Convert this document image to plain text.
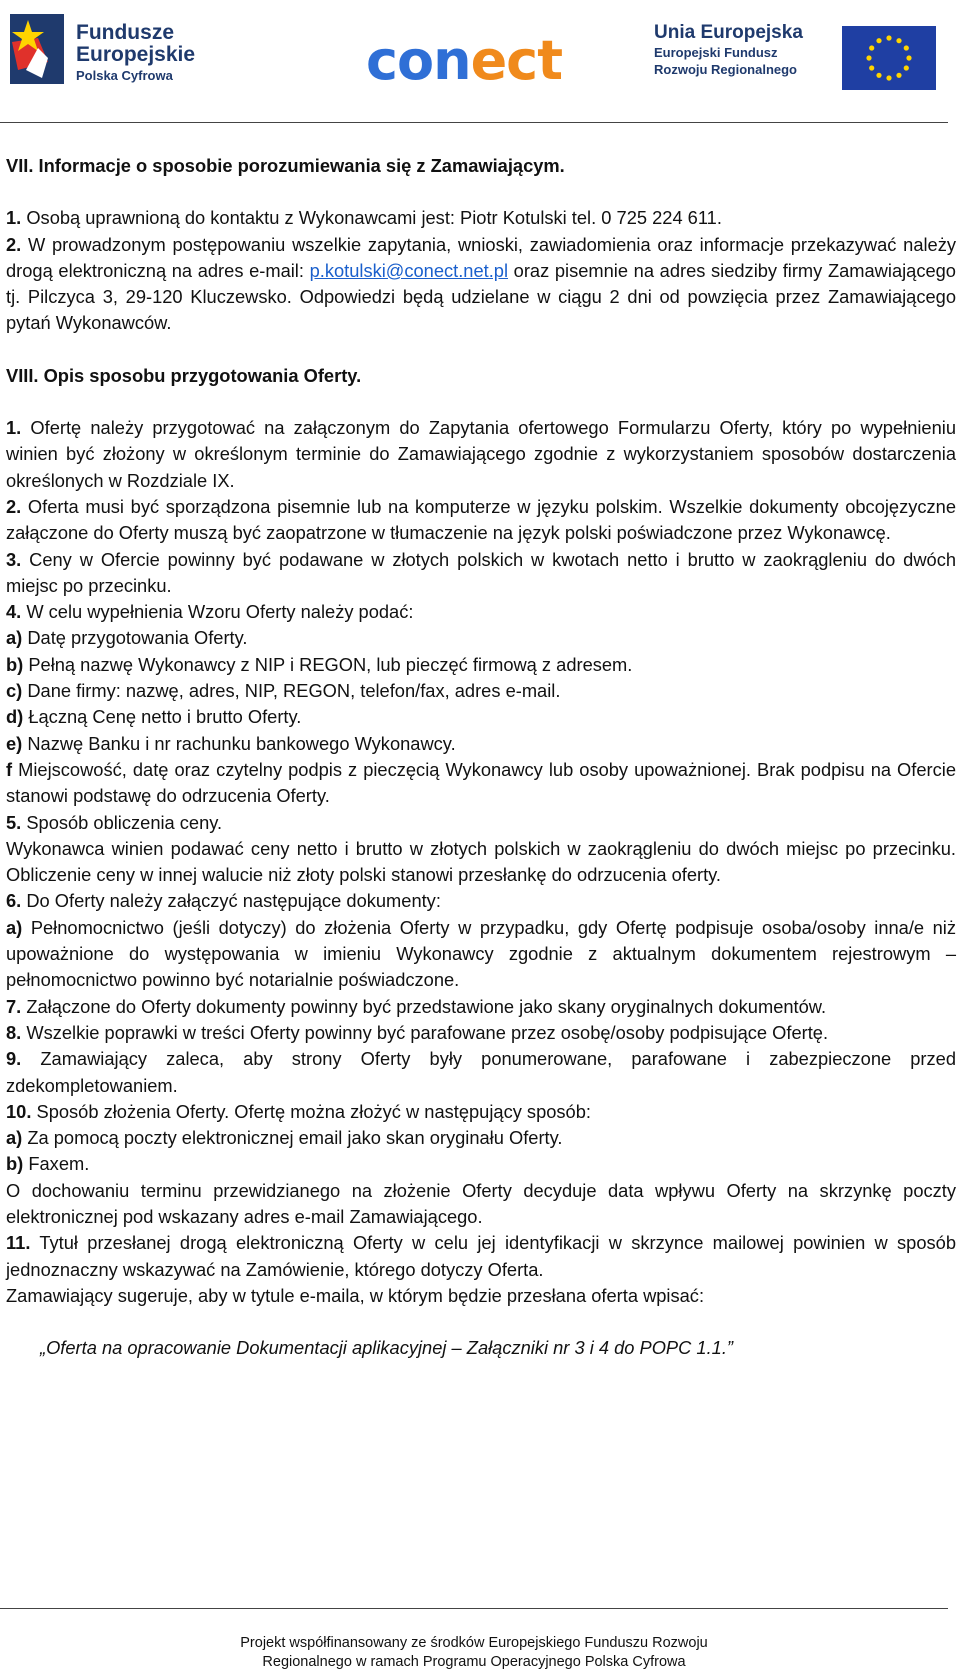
Fundusze
Europejskie
Polska Cyfrowa	conect	Unia Europejska
Europejski Fundusz
Rozwoju Regionalnego

VII. Informacje o sposobie porozumiewania się z Zamawiającym.

1. Osobą uprawnioną do kontaktu z Wykonawcami jest: Piotr Kotulski tel. 0 725 224 611.

2. W prowadzonym postępowaniu wszelkie zapytania, wnioski, zawiadomienia oraz informacje przekazywać należy drogą elektroniczną na adres e-mail: p.kotulski@conect.net.pl oraz pisemnie na adres siedziby firmy Zamawiającego tj. Pilczyca 3, 29-120 Kluczewsko. Odpowiedzi będą udzielane w ciągu 2 dni od powzięcia przez Zamawiającego pytań Wykonawców.

VIII. Opis sposobu przygotowania Oferty.

1. Ofertę należy przygotować na załączonym do Zapytania ofertowego Formularzu Oferty, który po wypełnieniu winien być złożony w określonym terminie do Zamawiającego zgodnie z wykorzystaniem sposobów dostarczenia określonych w Rozdziale IX.

2. Oferta musi być sporządzona pisemnie lub na komputerze w języku polskim. Wszelkie dokumenty obcojęzyczne załączone do Oferty muszą być zaopatrzone w tłumaczenie na język polski poświadczone przez Wykonawcę.

3. Ceny w Ofercie powinny być podawane w złotych polskich w kwotach netto i brutto w zaokrągleniu do dwóch miejsc po przecinku.

4. W celu wypełnienia Wzoru Oferty należy podać:

a) Datę przygotowania Oferty.

b) Pełną nazwę Wykonawcy z NIP i REGON, lub pieczęć firmową z adresem.

c) Dane firmy: nazwę, adres, NIP, REGON, telefon/fax, adres e-mail.

d) Łączną Cenę netto i brutto Oferty.

e) Nazwę Banku i nr rachunku bankowego Wykonawcy.

f Miejscowość, datę oraz czytelny podpis z pieczęcią Wykonawcy lub osoby upoważnionej. Brak podpisu na Ofercie stanowi podstawę do odrzucenia Oferty.

5. Sposób obliczenia ceny.

Wykonawca winien podawać ceny netto i brutto w złotych polskich w zaokrągleniu do dwóch miejsc po przecinku. Obliczenie ceny w innej walucie niż złoty polski stanowi przesłankę do odrzucenia oferty.

6. Do Oferty należy załączyć następujące dokumenty:

a) Pełnomocnictwo (jeśli dotyczy) do złożenia Oferty w przypadku, gdy Ofertę podpisuje osoba/osoby inna/e niż upoważnione do występowania w imieniu Wykonawcy zgodnie z aktualnym dokumentem rejestrowym – pełnomocnictwo powinno być notarialnie poświadczone.

7. Załączone do Oferty dokumenty powinny być przedstawione jako skany oryginalnych dokumentów.

8. Wszelkie poprawki w treści Oferty powinny być parafowane przez osobę/osoby podpisujące Ofertę.

9. Zamawiający zaleca, aby strony Oferty były ponumerowane, parafowane i zabezpieczone przed zdekompletowaniem.

10. Sposób złożenia Oferty. Ofertę można złożyć w następujący sposób:

a) Za pomocą poczty elektronicznej email jako skan oryginału Oferty.

b) Faxem.

O dochowaniu terminu przewidzianego na złożenie Oferty decyduje data wpływu Oferty na skrzynkę poczty elektronicznej pod wskazany adres e-mail Zamawiającego.

11. Tytuł przesłanej drogą elektroniczną Oferty w celu jej identyfikacji w skrzynce mailowej powinien w sposób jednoznaczny wskazywać na Zamówienie, którego dotyczy Oferta.

Zamawiający sugeruje, aby w tytule e-maila, w którym będzie przesłana oferta wpisać:

„Oferta na opracowanie Dokumentacji aplikacyjnej – Załączniki nr 3 i 4 do POPC 1.1.”

Projekt współfinansowany ze środków Europejskiego Funduszu Rozwoju
Regionalnego w ramach Programu Operacyjnego Polska Cyfrowa
